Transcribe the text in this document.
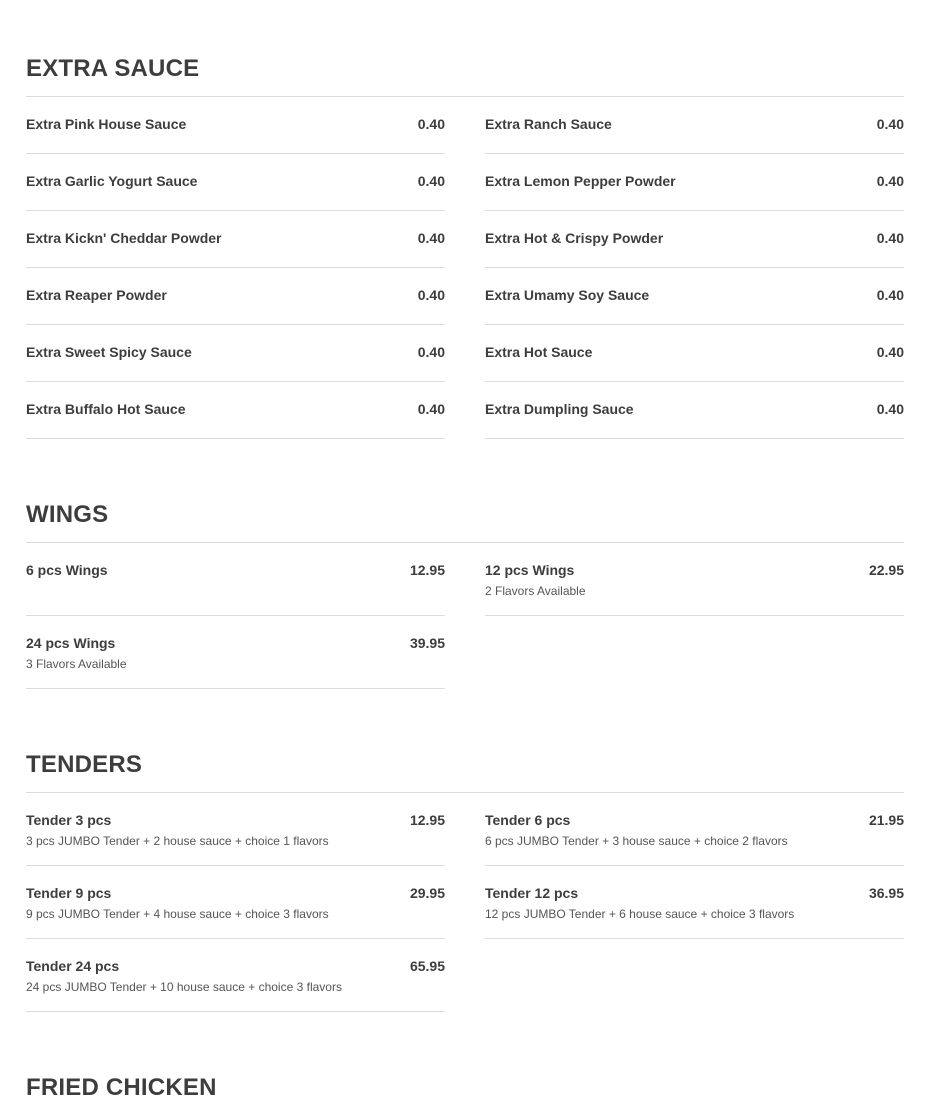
EXTRA SAUCE
Extra Pink House Sauce	0.40	Extra Ranch Sauce	0.40
Extra Garlic Yogurt Sauce	0.40	Extra Lemon Pepper Powder	0.40
Extra Kickn' Cheddar Powder	0.40	Extra Hot & Crispy Powder	0.40
Extra Reaper Powder	0.40	Extra Umamy Soy Sauce	0.40
Extra Sweet Spicy Sauce	0.40	Extra Hot Sauce	0.40
Extra Buffalo Hot Sauce	0.40	Extra Dumpling Sauce	0.40
WINGS
6 pcs Wings	12.95	12 pcs Wings	22.95
2 Flavors Available
24 pcs Wings	39.95
3 Flavors Available
TENDERS
Tender 3 pcs	12.95
3 pcs JUMBO Tender + 2 house sauce + choice 1 flavors
Tender 6 pcs	21.95
6 pcs JUMBO Tender + 3 house sauce + choice 2 flavors
Tender 9 pcs	29.95
9 pcs JUMBO Tender + 4 house sauce + choice 3 flavors
Tender 12 pcs	36.95
12 pcs JUMBO Tender + 6 house sauce + choice 3 flavors
Tender 24 pcs	65.95
24 pcs JUMBO Tender + 10 house sauce + choice 3 flavors
FRIED CHICKEN
